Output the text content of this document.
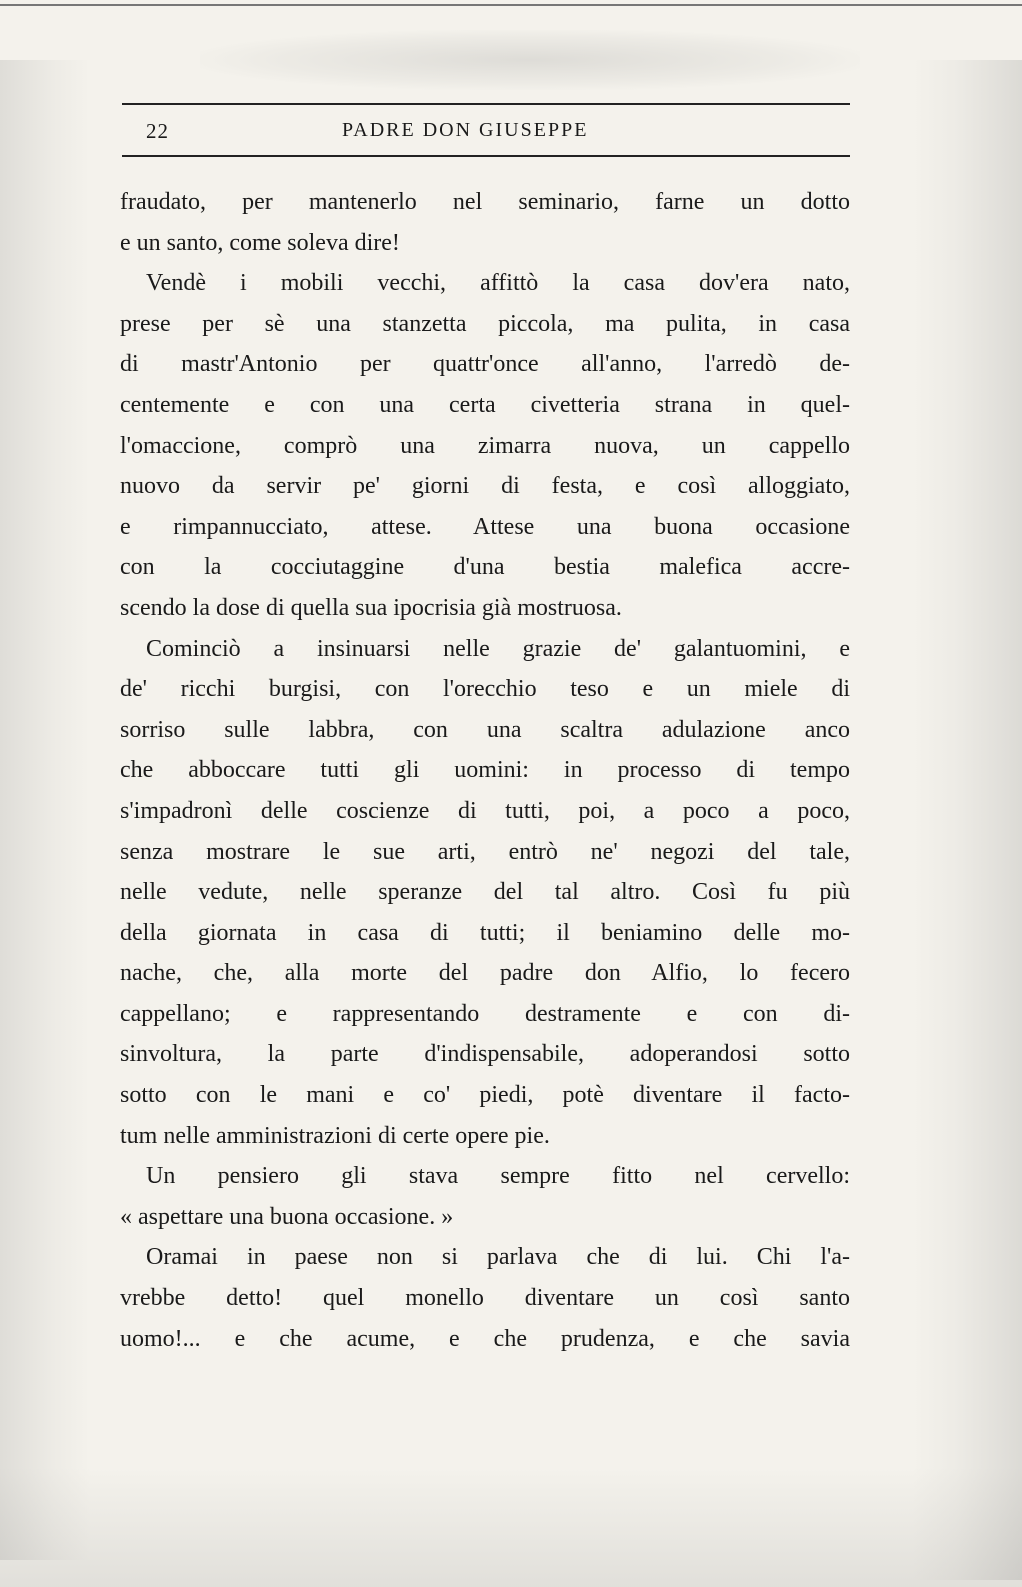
22	PADRE DON GIUSEPPE
fraudato, per mantenerlo nel seminario, farne un dotto
e un santo, come soleva dire!
Vendè i mobili vecchi, affittò la casa dov'era nato,
prese per sè una stanzetta piccola, ma pulita, in casa
di mastr'Antonio per quattr'once all'anno, l'arredò de-
centemente e con una certa civetteria strana in quel-
l'omaccione, comprò una zimarra nuova, un cappello
nuovo da servir pe' giorni di festa, e così alloggiato,
e rimpannucciato, attese. Attese una buona occasione
con la cocciutaggine d'una bestia malefica accre-
scendo la dose di quella sua ipocrisia già mostruosa.
Cominciò a insinuarsi nelle grazie de' galantuomini, e
de' ricchi burgisi, con l'orecchio teso e un miele di
sorriso sulle labbra, con una scaltra adulazione anco
che abboccare tutti gli uomini: in processo di tempo
s'impadronì delle coscienze di tutti, poi, a poco a poco,
senza mostrare le sue arti, entrò ne' negozi del tale,
nelle vedute, nelle speranze del tal altro. Così fu più
della giornata in casa di tutti; il beniamino delle mo-
nache, che, alla morte del padre don Alfio, lo fecero
cappellano; e rappresentando destramente e con di-
sinvoltura, la parte d'indispensabile, adoperandosi sotto
sotto con le mani e co' piedi, potè diventare il facto-
tum nelle amministrazioni di certe opere pie.
Un pensiero gli stava sempre fitto nel cervello:
« aspettare una buona occasione. »
Oramai in paese non si parlava che di lui. Chi l'a-
vrebbe detto! quel monello diventare un così santo
uomo!... e che acume, e che prudenza, e che savia
